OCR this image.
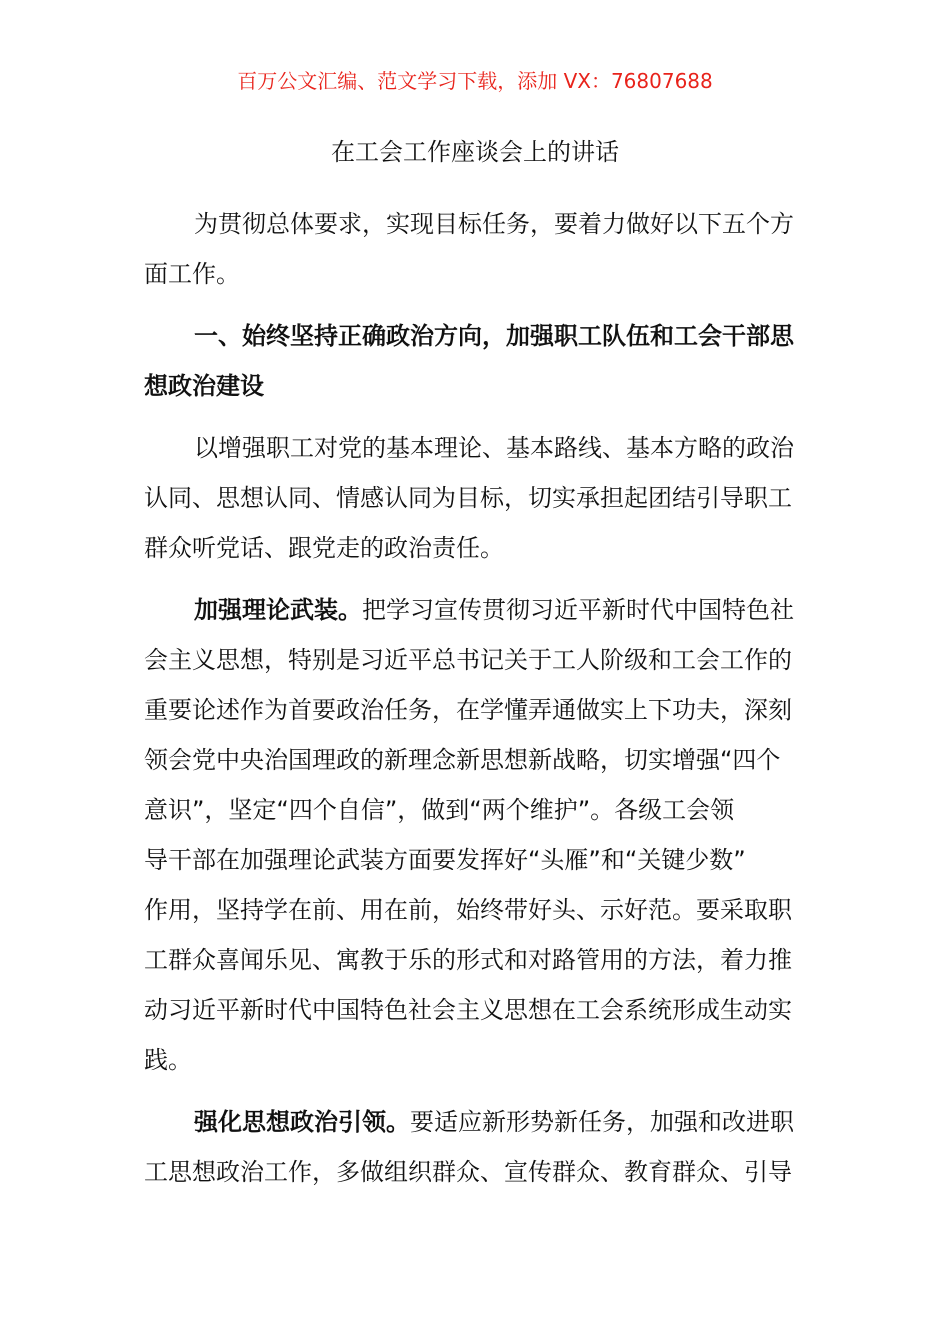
百万公文汇编、范文学习下载，添加 VX：76807688
在工会工作座谈会上的讲话
为贯彻总体要求，实现目标任务，要着力做好以下五个方
面工作。
一、始终坚持正确政治方向，加强职工队伍和工会干部思
想政治建设
以增强职工对党的基本理论、基本路线、基本方略的政治
认同、思想认同、情感认同为目标，切实承担起团结引导职工
群众听党话、跟党走的政治责任。
加强理论武装。把学习宣传贯彻习近平新时代中国特色社
会主义思想，特别是习近平总书记关于工人阶级和工会工作的
重要论述作为首要政治任务，在学懂弄通做实上下功夫，深刻
领会党中央治国理政的新理念新思想新战略，切实增强“四个
意识”，坚定“四个自信”，做到“两个维护”。各级工会领
导干部在加强理论武装方面要发挥好“头雁”和“关键少数”
作用，坚持学在前、用在前，始终带好头、示好范。要采取职
工群众喜闻乐见、寓教于乐的形式和对路管用的方法，着力推
动习近平新时代中国特色社会主义思想在工会系统形成生动实
践。
强化思想政治引领。要适应新形势新任务，加强和改进职
工思想政治工作，多做组织群众、宣传群众、教育群众、引导
